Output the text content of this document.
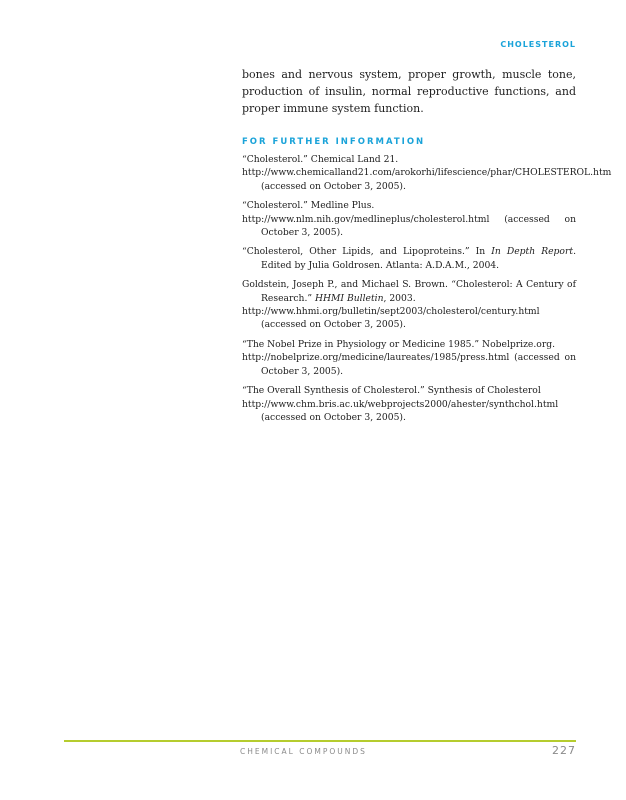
CHOLESTEROL

bones and nervous system, proper growth, muscle tone, production of insulin, normal reproductive functions, and proper immune system function.

FOR FURTHER INFORMATION
“Cholesterol.” Chemical Land 21.
http://www.chemicalland21.com/arokorhi/lifescience/phar/CHOLESTEROL.htm (accessed on October 3, 2005).
“Cholesterol.” Medline Plus.
http://www.nlm.nih.gov/medlineplus/cholesterol.html (accessed on October 3, 2005).
“Cholesterol, Other Lipids, and Lipoproteins.” In In Depth Report. Edited by Julia Goldrosen. Atlanta: A.D.A.M., 2004.
Goldstein, Joseph P., and Michael S. Brown. “Cholesterol: A Century of Research.” HHMI Bulletin, 2003.
http://www.hhmi.org/bulletin/sept2003/cholesterol/century.html (accessed on October 3, 2005).
“The Nobel Prize in Physiology or Medicine 1985.” Nobelprize.org.
http://nobelprize.org/medicine/laureates/1985/press.html (accessed on October 3, 2005).
“The Overall Synthesis of Cholesterol.” Synthesis of Cholesterol
http://www.chm.bris.ac.uk/webprojects2000/ahester/synthchol.html (accessed on October 3, 2005).
CHEMICAL COMPOUNDS	227
